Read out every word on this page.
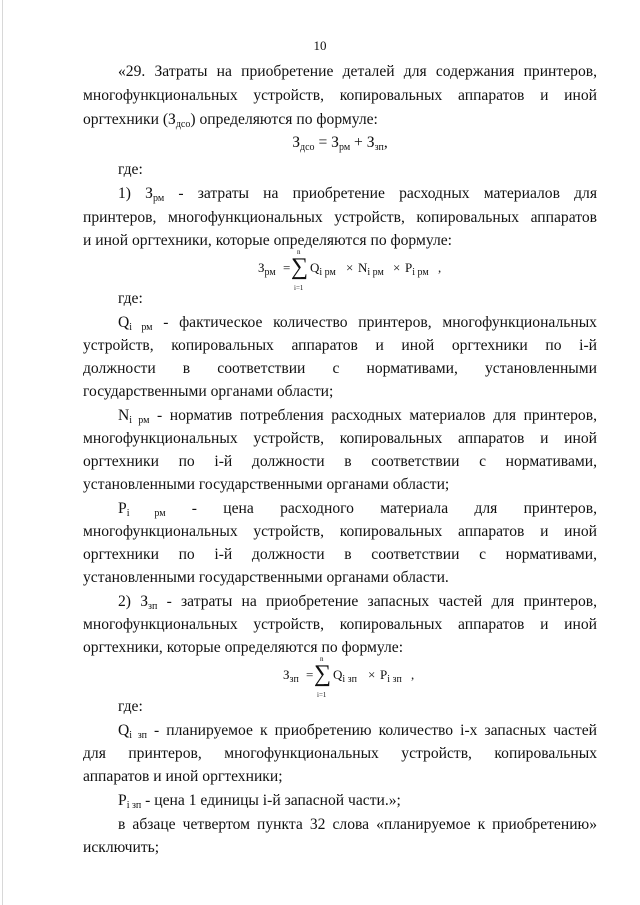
10
«29. Затраты на приобретение деталей для содержания принтеров,
многофункциональных устройств, копировальных аппаратов и иной
оргтехники $(З_{дсо})$ определяются по формуле:
$З_{дсо} = З_{рм} + З_{зп}$,
где:
1) $З_{рм}$ - затраты на приобретение расходных материалов для
принтеров, многофункциональных устройств, копировальных аппаратов
и иной оргтехники, которые определяются по формуле:
$З_{рм}$ =
n
∑
i=1
$Q_{i рм} \times N_{i рм} \times P_{i рм}$ ,
где:
$Q_{i рм}$ - фактическое количество принтеров, многофункциональных
устройств, копировальных аппаратов и иной оргтехники по i-й
должности в соответствии с нормативами, установленными
государственными органами области;
$N_{i рм}$ - норматив потребления расходных материалов для принтеров,
многофункциональных устройств, копировальных аппаратов и иной
оргтехники по i-й должности в соответствии с нормативами,
установленными государственными органами области;
$P_{i рм}$ - цена расходного материала для принтеров,
многофункциональных устройств, копировальных аппаратов и иной
оргтехники по i-й должности в соответствии с нормативами,
установленными государственными органами области.
2) $З_{зп}$ - затраты на приобретение запасных частей для принтеров,
многофункциональных устройств, копировальных аппаратов и иной
оргтехники, которые определяются по формуле:
$З_{зп}$ =
n
∑
i=1
$Q_{i зп} \times P_{i зп}$ ,
где:
$Q_{i зп}$ - планируемое к приобретению количество i-х запасных частей
для принтеров, многофункциональных устройств, копировальных
аппаратов и иной оргтехники;
$P_{i зп}$ - цена 1 единицы i-й запасной части.»;
в абзаце четвертом пункта 32 слова «планируемое к приобретению»
исключить;
